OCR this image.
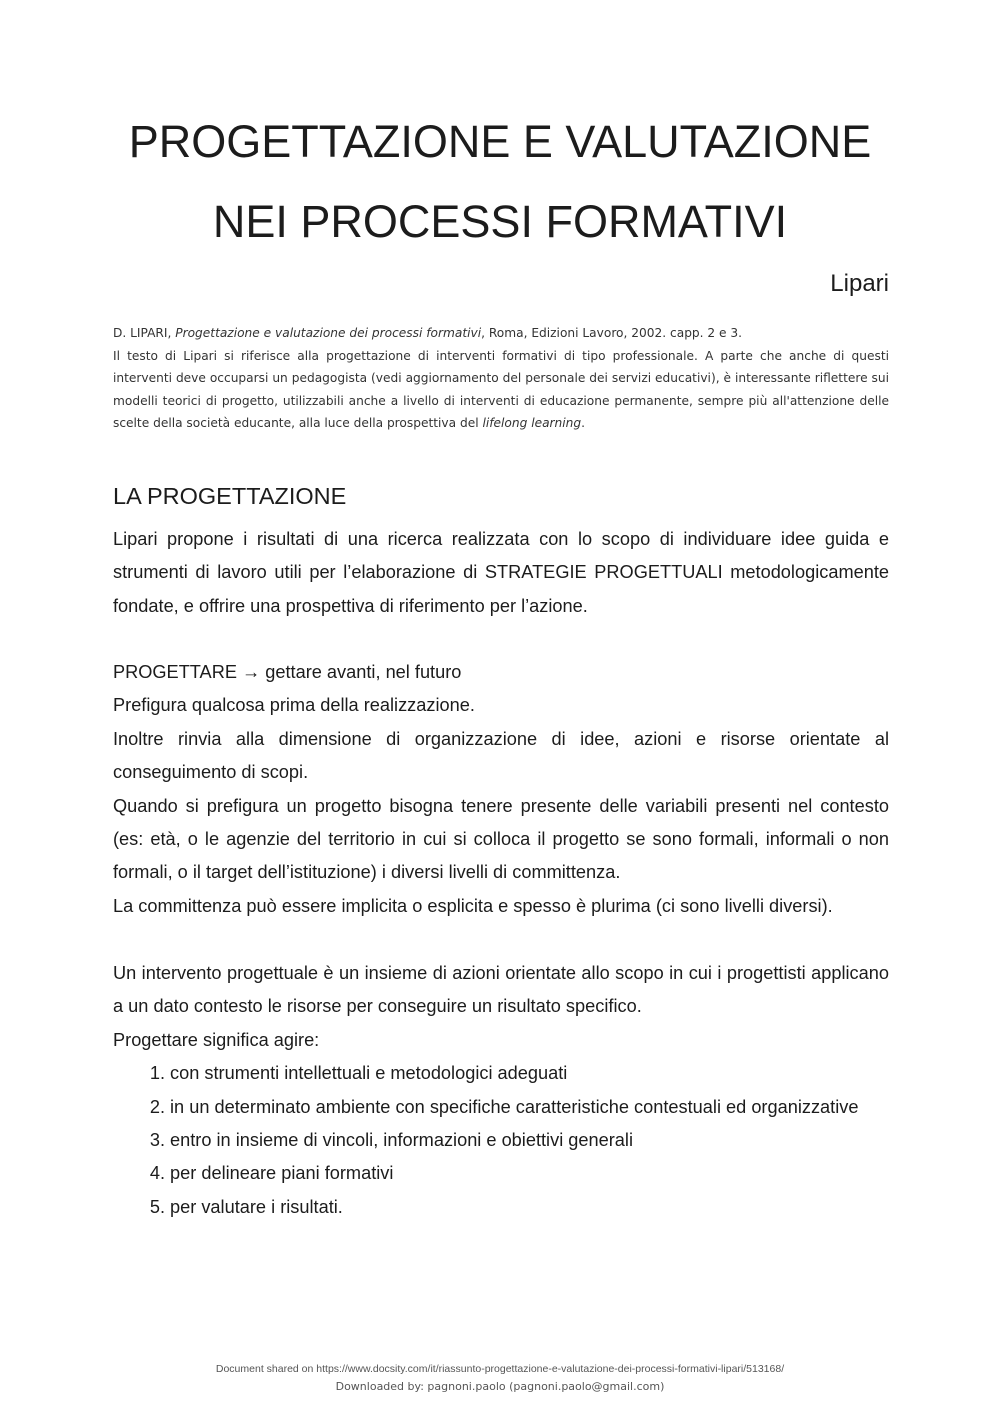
PROGETTAZIONE E VALUTAZIONE
NEI PROCESSI FORMATIVI
Lipari

D. LIPARI, Progettazione e valutazione dei processi formativi, Roma, Edizioni Lavoro, 2002. capp. 2 e 3.

Il testo di Lipari si riferisce alla progettazione di interventi formativi di tipo professionale. A parte che anche di questi interventi deve occuparsi un pedagogista (vedi aggiornamento del personale dei servizi educativi), è interessante riflettere sui modelli teorici di progetto, utilizzabili anche a livello di interventi di educazione permanente, sempre più all'attenzione delle scelte della società educante, alla luce della prospettiva del lifelong learning.

LA PROGETTAZIONE

Lipari propone i risultati di una ricerca realizzata con lo scopo di individuare idee guida e strumenti di lavoro utili per l’elaborazione di STRATEGIE PROGETTUALI metodologicamente fondate, e offrire una prospettiva di riferimento per l’azione.

PROGETTARE → gettare avanti, nel futuro

Prefigura qualcosa prima della realizzazione.

Inoltre rinvia alla dimensione di organizzazione di idee, azioni e risorse orientate al conseguimento di scopi.

Quando si prefigura un progetto bisogna tenere presente delle variabili presenti nel contesto (es: età, o le agenzie del territorio in cui si colloca il progetto se sono formali, informali o non formali, o il target dell’istituzione) i diversi livelli di committenza.

La committenza può essere implicita o esplicita e spesso è plurima (ci sono livelli diversi).

Un intervento progettuale è un insieme di azioni orientate allo scopo in cui i progettisti applicano a un dato contesto le risorse per conseguire un risultato specifico.

Progettare significa agire:

1. con strumenti intellettuali e metodologici adeguati
2. in un determinato ambiente con specifiche caratteristiche contestuali ed organizzative
3. entro in insieme di vincoli, informazioni e obiettivi generali
4. per delineare piani formativi
5. per valutare i risultati.
Document shared on https://www.docsity.com/it/riassunto-progettazione-e-valutazione-dei-processi-formativi-lipari/513168/
Downloaded by: pagnoni.paolo (pagnoni.paolo@gmail.com)
